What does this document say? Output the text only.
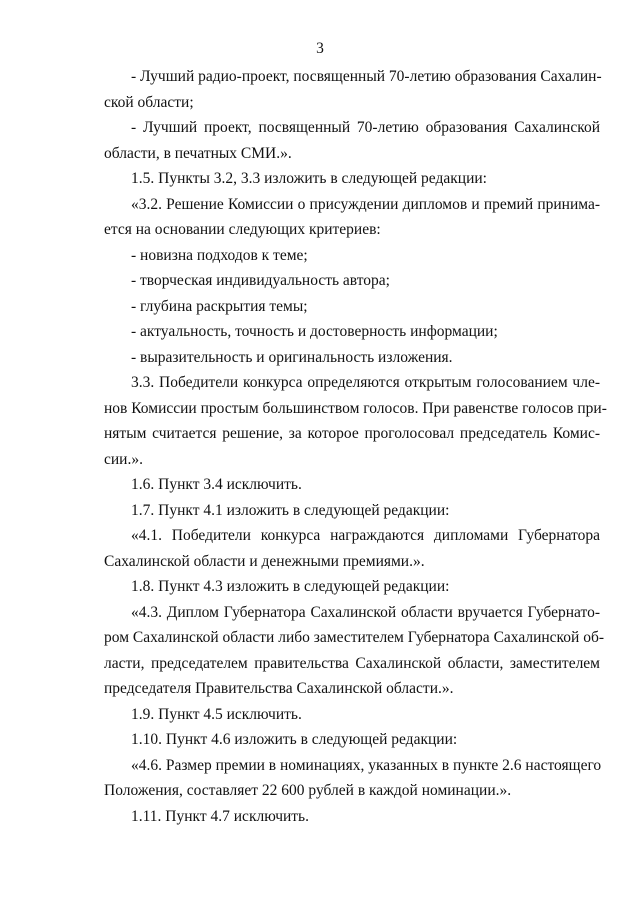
3
- Лучший радио-проект, посвященный 70-летию образования Сахалин-
ской области;
- Лучший проект, посвященный 70-летию образования Сахалинской
области, в печатных СМИ.».
1.5. Пункты 3.2, 3.3 изложить в следующей редакции:
«3.2. Решение Комиссии о присуждении дипломов и премий принима-
ется на основании следующих критериев:
- новизна подходов к теме;
- творческая индивидуальность автора;
- глубина раскрытия темы;
- актуальность, точность и достоверность информации;
- выразительность и оригинальность изложения.
3.3. Победители конкурса определяются открытым голосованием чле-
нов Комиссии простым большинством голосов. При равенстве голосов при-
нятым считается решение, за которое проголосовал председатель Комис-
сии.».
1.6. Пункт 3.4 исключить.
1.7. Пункт 4.1 изложить в следующей редакции:
«4.1. Победители конкурса награждаются дипломами Губернатора
Сахалинской области и денежными премиями.».
1.8. Пункт 4.3 изложить в следующей редакции:
«4.3. Диплом Губернатора Сахалинской области вручается Губернато-
ром Сахалинской области либо заместителем Губернатора Сахалинской об-
ласти, председателем правительства Сахалинской области, заместителем
председателя Правительства Сахалинской области.».
1.9. Пункт 4.5 исключить.
1.10. Пункт 4.6 изложить в следующей редакции:
«4.6. Размер премии в номинациях, указанных в пункте 2.6 настоящего
Положения, составляет 22 600 рублей в каждой номинации.».
1.11. Пункт 4.7 исключить.
